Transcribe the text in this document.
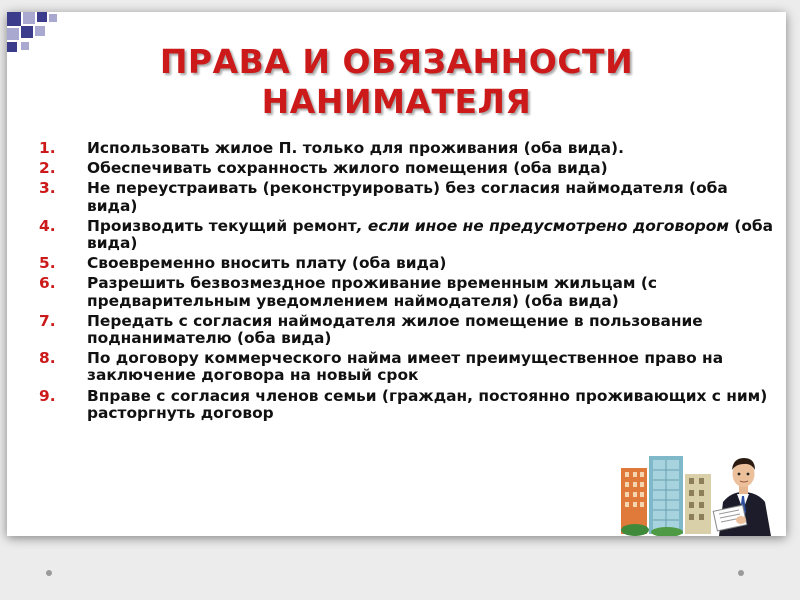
ПРАВА И ОБЯЗАННОСТИ
НАНИМАТЕЛЯ
1. Использовать жилое П. только для проживания (оба вида).
2. Обеспечивать сохранность жилого помещения (оба вида)
3. Не переустраивать (реконструировать) без согласия наймодателя (оба вида)
4. Производить текущий ремонт, если иное не предусмотрено договором (оба вида)
5. Своевременно вносить плату (оба вида)
6. Разрешить безвозмездное проживание временным жильцам (с предварительным уведомлением наймодателя) (оба вида)
7. Передать с согласия наймодателя жилое помещение в пользование поднанимателю (оба вида)
8. По договору коммерческого найма имеет преимущественное право на заключение договора на новый срок
9. Вправе с согласия членов семьи (граждан, постоянно проживающих с ним) расторгнуть договор
